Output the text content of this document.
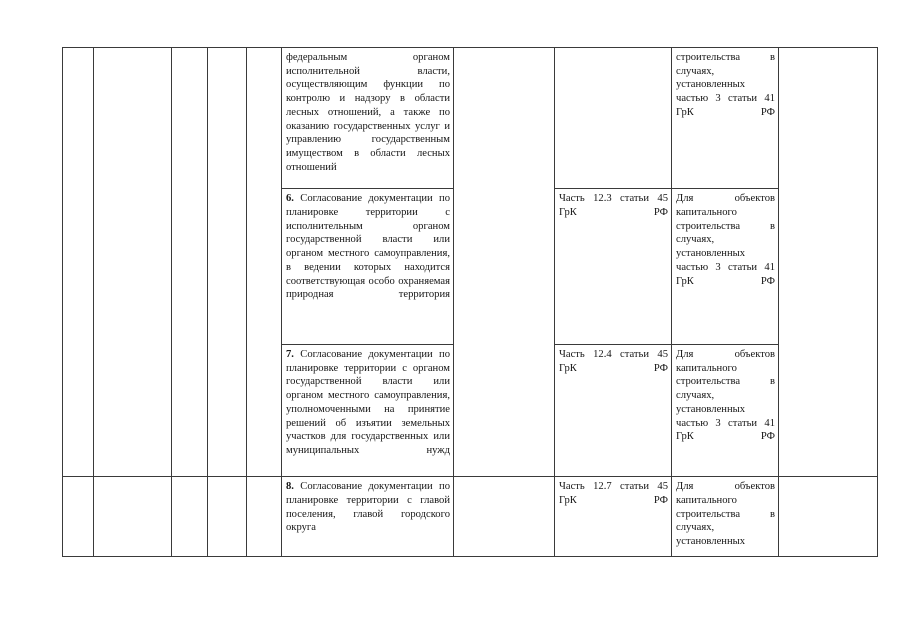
					федеральным органом исполнительной власти, осуществляющим функции по контролю и надзору в области лесных отношений, а также по оказанию государственных услуг и управлению государственным имуществом в области лесных отношений			строительства в случаях, установленных частью 3 статьи 41 ГрК РФ	
					6. Согласование документации по планировке территории с исполнительным органом государственной власти или органом местного самоуправления, в ведении которых находится соответствующая особо охраняемая природная территория		Часть 12.3 статьи 45 ГрК РФ	Для объектов капитального строительства в случаях, установленных частью 3 статьи 41 ГрК РФ	
					7. Согласование документации по планировке территории с органом государственной власти или органом местного самоуправления, уполномоченными на принятие решений об изъятии земельных участков для государственных или муниципальных нужд		Часть 12.4 статьи 45 ГрК РФ	Для объектов капитального строительства в случаях, установленных частью 3 статьи 41 ГрК РФ	
					8. Согласование документации по планировке территории с главой поселения, главой городского округа		Часть 12.7 статьи 45 ГрК РФ	Для объектов капитального строительства в случаях, установленных	
